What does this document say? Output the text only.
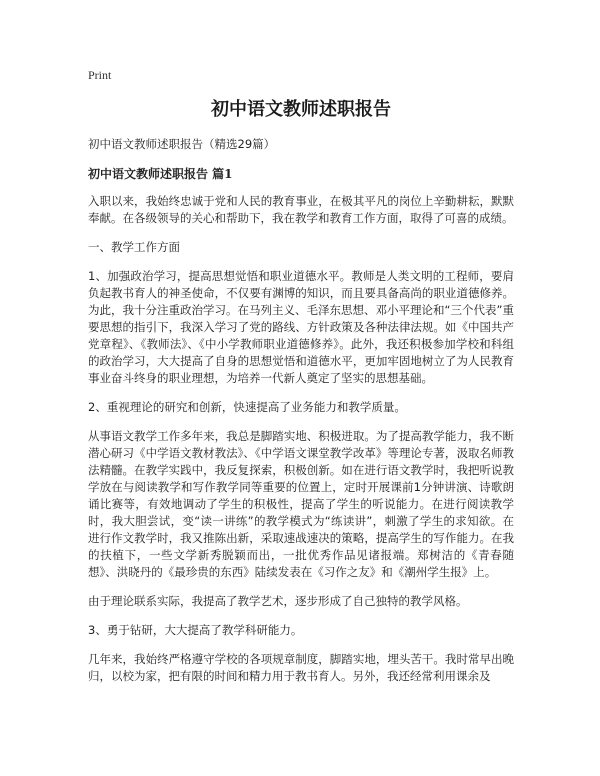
Print

初中语文教师述职报告

初中语文教师述职报告（精选29篇）

初中语文教师述职报告 篇1

入职以来，我始终忠诚于党和人民的教育事业，在极其平凡的岗位上辛勤耕耘，默默奉献。在各级领导的关心和帮助下，我在教学和教育工作方面，取得了可喜的成绩。

一、教学工作方面

1、加强政治学习，提高思想觉悟和职业道德水平。教师是人类文明的工程师，要肩负起教书育人的神圣使命，不仅要有渊博的知识，而且要具备高尚的职业道德修养。为此，我十分注重政治学习。在马列主义、毛泽东思想、邓小平理论和“三个代表”重要思想的指引下，我深入学习了党的路线、方针政策及各种法律法规。如《中国共产党章程》、《教师法》、《中小学教师职业道德修养》。此外，我还积极参加学校和科组的政治学习，大大提高了自身的思想觉悟和道德水平，更加牢固地树立了为人民教育事业奋斗终身的职业理想，为培养一代新人奠定了坚实的思想基础。

2、重视理论的研究和创新，快速提高了业务能力和教学质量。

从事语文教学工作多年来，我总是脚踏实地、积极进取。为了提高教学能力，我不断潜心研习《中学语文教材教法》、《中学语文课堂教学改革》等理论专著，汲取名师教法精髓。在教学实践中，我反复探索，积极创新。如在进行语文教学时，我把听说教学放在与阅读教学和写作教学同等重要的位置上，定时开展课前1分钟讲演、诗歌朗诵比赛等，有效地调动了学生的积极性，提高了学生的听说能力。在进行阅读教学时，我大胆尝试，变“读一讲练”的教学模式为“练读讲”，刺激了学生的求知欲。在进行作文教学时，我又推陈出新，采取速战速决的策略，提高学生的写作能力。在我的扶植下，一些文学新秀脱颖而出，一批优秀作品见诸报端。郑树洁的《青春随想》、洪晓丹的《最珍贵的东西》陆续发表在《习作之友》和《潮州学生报》上。

由于理论联系实际，我提高了教学艺术，逐步形成了自己独特的教学风格。

3、勇于钻研，大大提高了教学科研能力。

几年来，我始终严格遵守学校的各项规章制度，脚踏实地，埋头苦干。我时常早出晚归，以校为家，把有限的时间和精力用于教书育人。另外，我还经常利用课余及
